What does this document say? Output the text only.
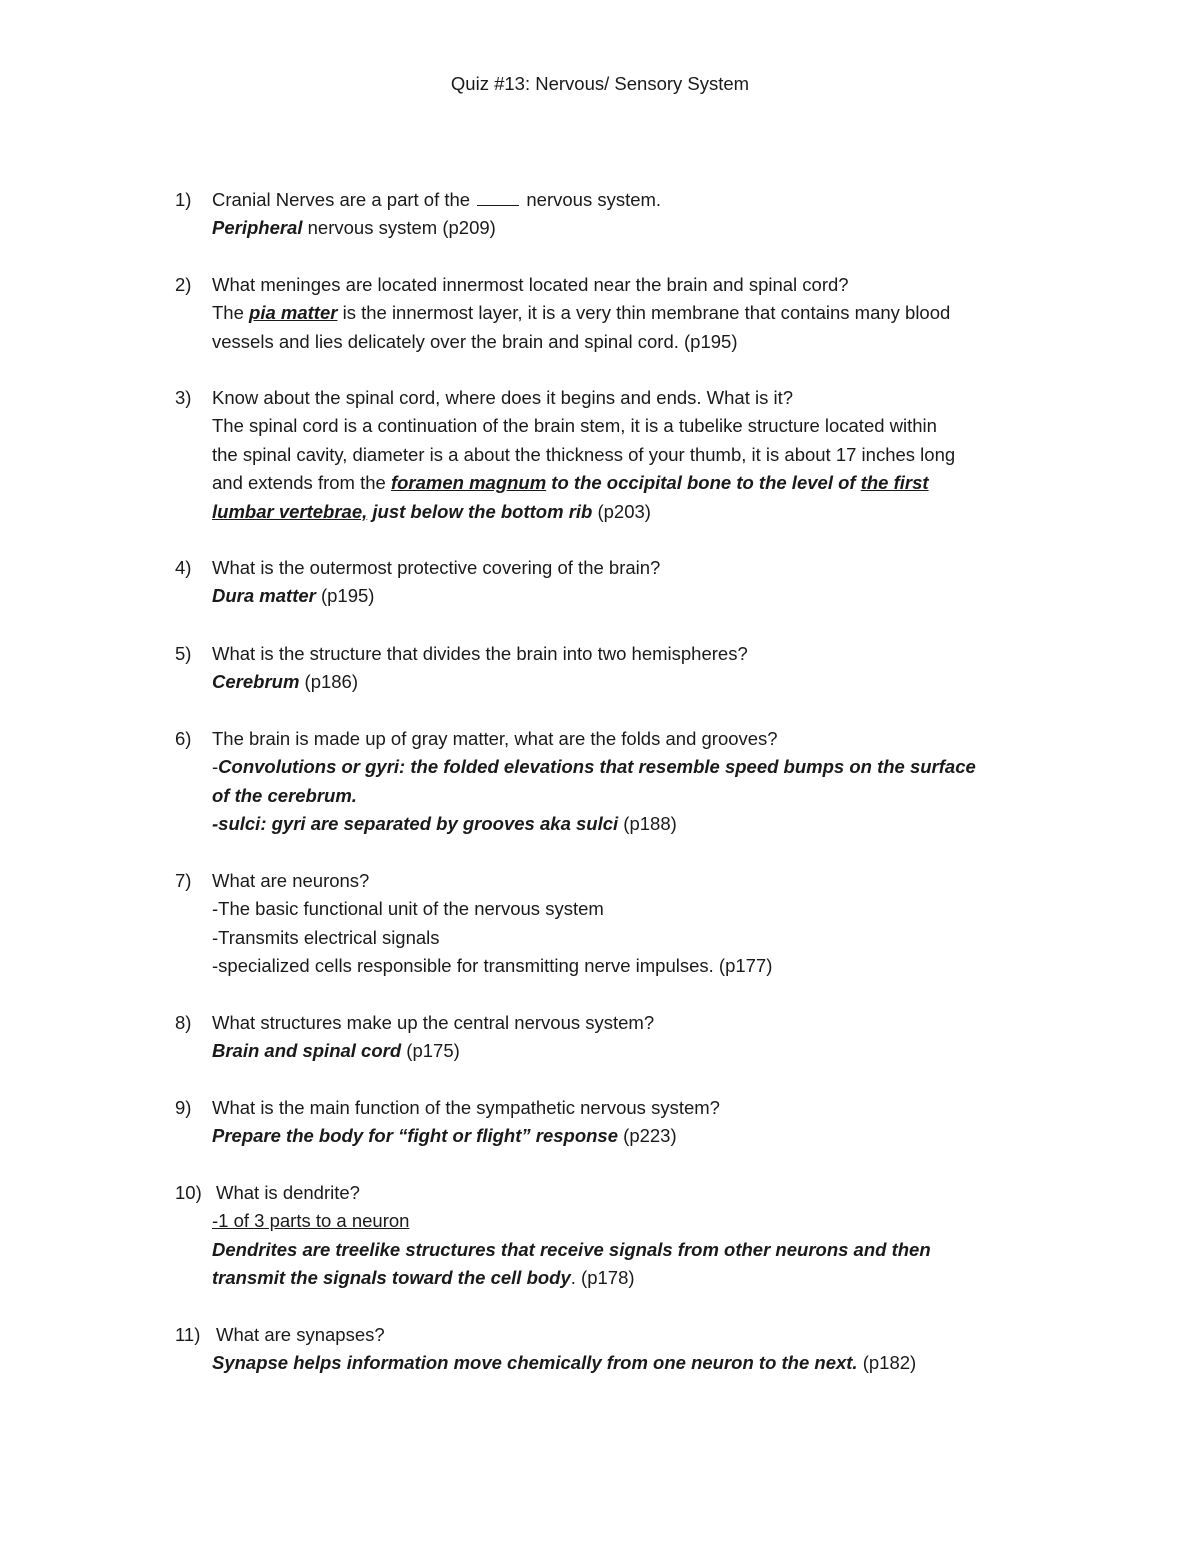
Quiz #13: Nervous/ Sensory System
1) Cranial Nerves are a part of the	nervous system.
Peripheral nervous system (p209)
2) What meninges are located innermost located near the brain and spinal cord?
The pia matter is the innermost layer, it is a very thin membrane that contains many blood
vessels and lies delicately over the brain and spinal cord. (p195)
3) Know about the spinal cord, where does it begins and ends. What is it?
The spinal cord is a continuation of the brain stem, it is a tubelike structure located within
the spinal cavity, diameter is a about the thickness of your thumb, it is about 17 inches long
and extends from the foramen magnum to the occipital bone to the level of the first
lumbar vertebrae, just below the bottom rib (p203)
4) What is the outermost protective covering of the brain?
Dura matter (p195)
5) What is the structure that divides the brain into two hemispheres?
Cerebrum (p186)
6) The brain is made up of gray matter, what are the folds and grooves?
-Convolutions or gyri: the folded elevations that resemble speed bumps on the surface
of the cerebrum.
-sulci: gyri are separated by grooves aka sulci (p188)
7) What are neurons?
-The basic functional unit of the nervous system
-Transmits electrical signals
-specialized cells responsible for transmitting nerve impulses. (p177)
8) What structures make up the central nervous system?
Brain and spinal cord (p175)
9) What is the main function of the sympathetic nervous system?
Prepare the body for “fight or flight” response (p223)
10) What is dendrite?
-1 of 3 parts to a neuron
Dendrites are treelike structures that receive signals from other neurons and then
transmit the signals toward the cell body. (p178)
11) What are synapses?
Synapse helps information move chemically from one neuron to the next. (p182)
